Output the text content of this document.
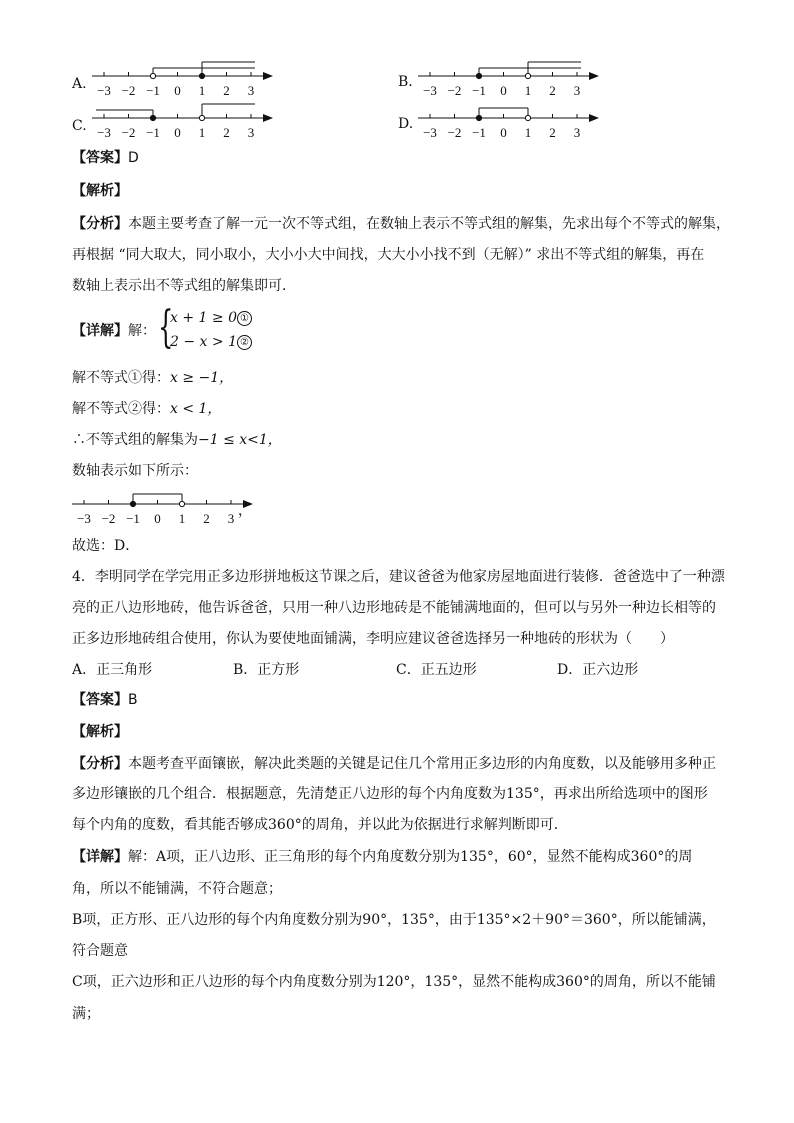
A. −3 −2 −1 0 1 2 3
B.
−3 −2 −1 0 1 2 3
C. −3 −2 −1 0 1 2 3
D.
−3 −2 −1 0 1 2 3
【答案】D
【解析】
【分析】本题主要考查了解一元一次不等式组，在数轴上表示不等式组的解集，先求出每个不等式的解集，
再根据 “同大取大，同小取小，大小小大中间找，大大小小找不到（无解）” 求出不等式组的解集，再在
数轴上表示出不等式组的解集即可．
【详解】解： {
x + 1 ≥ 0 ①
2 − x > 1 ②
解不等式①得：x ≥ −1，
解不等式②得：x < 1，
∴不等式组的解集为−1 ≤ x<1，
数轴表示如下所示：
−3 −2 −1 0 1 2 3 ，
故选：D．
4．李明同学在学完用正多边形拼地板这节课之后，建议爸爸为他家房屋地面进行装修．爸爸选中了一种漂
亮的正八边形地砖，他告诉爸爸，只用一种八边形地砖是不能铺满地面的，但可以与另外一种边长相等的
正多边形地砖组合使用，你认为要使地面铺满，李明应建议爸爸选择另一种地砖的形状为（　　）
A．正三角形	B．正方形	C．正五边形	D．正六边形
【答案】B
【解析】
【分析】本题考查平面镶嵌，解决此类题的关键是记住几个常用正多边形的内角度数，以及能够用多种正
多边形镶嵌的几个组合．根据题意，先清楚正八边形的每个内角度数为135°，再求出所给选项中的图形
每个内角的度数，看其能否够成360°的周角，并以此为依据进行求解判断即可．
【详解】解：A项，正八边形、正三角形的每个内角度数分别为135°，60°，显然不能构成360°的周
角，所以不能铺满，不符合题意；
B项，正方形、正八边形的每个内角度数分别为90°，135°，由于135°×2＋90°＝360°，所以能铺满，
符合题意
C项，正六边形和正八边形的每个内角度数分别为120°，135°，显然不能构成360°的周角，所以不能铺
满；
